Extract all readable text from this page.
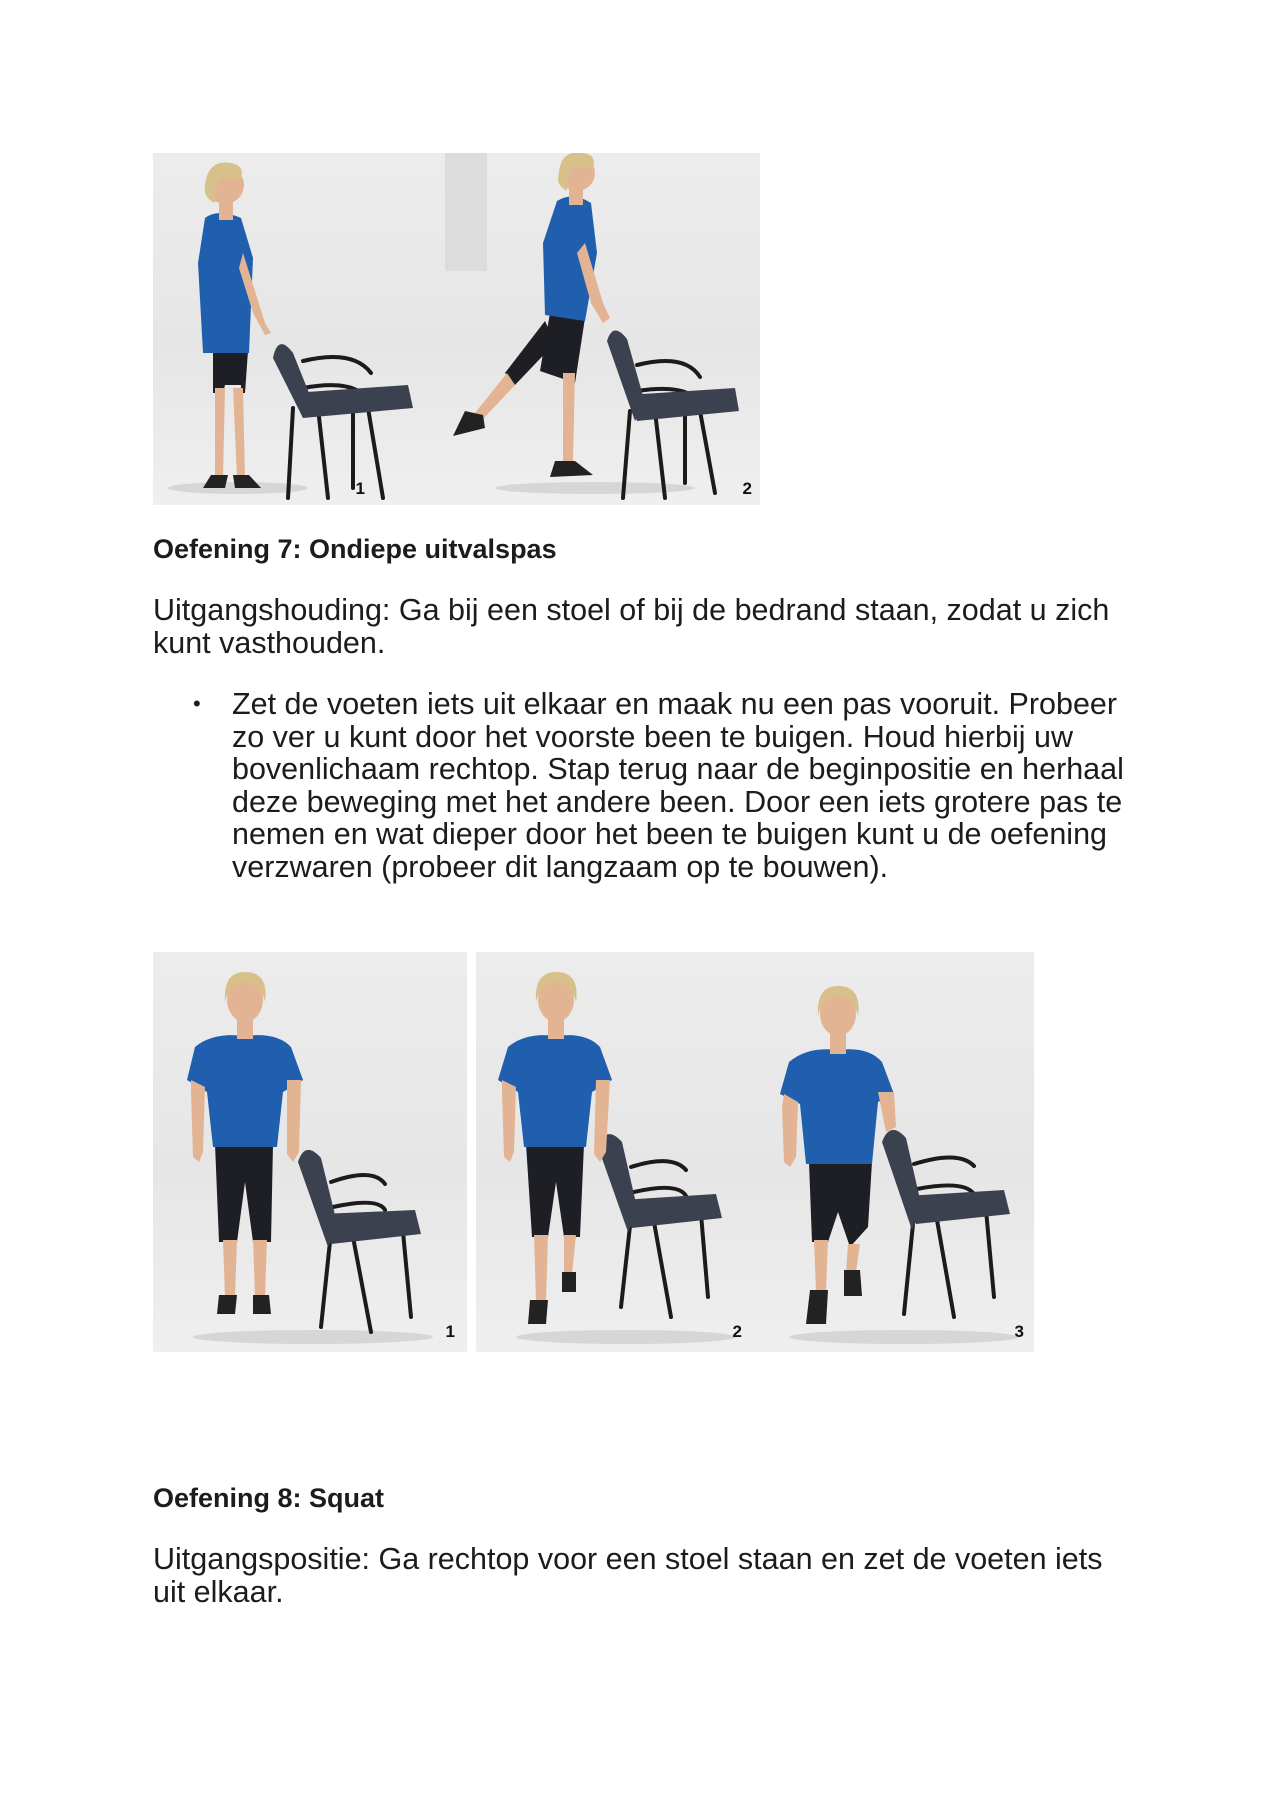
1	2
Oefening 7: Ondiepe uitvalspas

Uitgangshouding: Ga bij een stoel of bij de bedrand staan, zodat u zich kunt vasthouden.

• Zet de voeten iets uit elkaar en maak nu een pas vooruit. Probeer zo ver u kunt door het voorste been te buigen. Houd hierbij uw bovenlichaam rechtop. Stap terug naar de beginpositie en herhaal deze beweging met het andere been. Door een iets grotere pas te nemen en wat dieper door het been te buigen kunt u de oefening verzwaren (probeer dit langzaam op te bouwen).
1	2	3
Oefening 8: Squat

Uitgangspositie: Ga rechtop voor een stoel staan en zet de voeten iets uit elkaar.
